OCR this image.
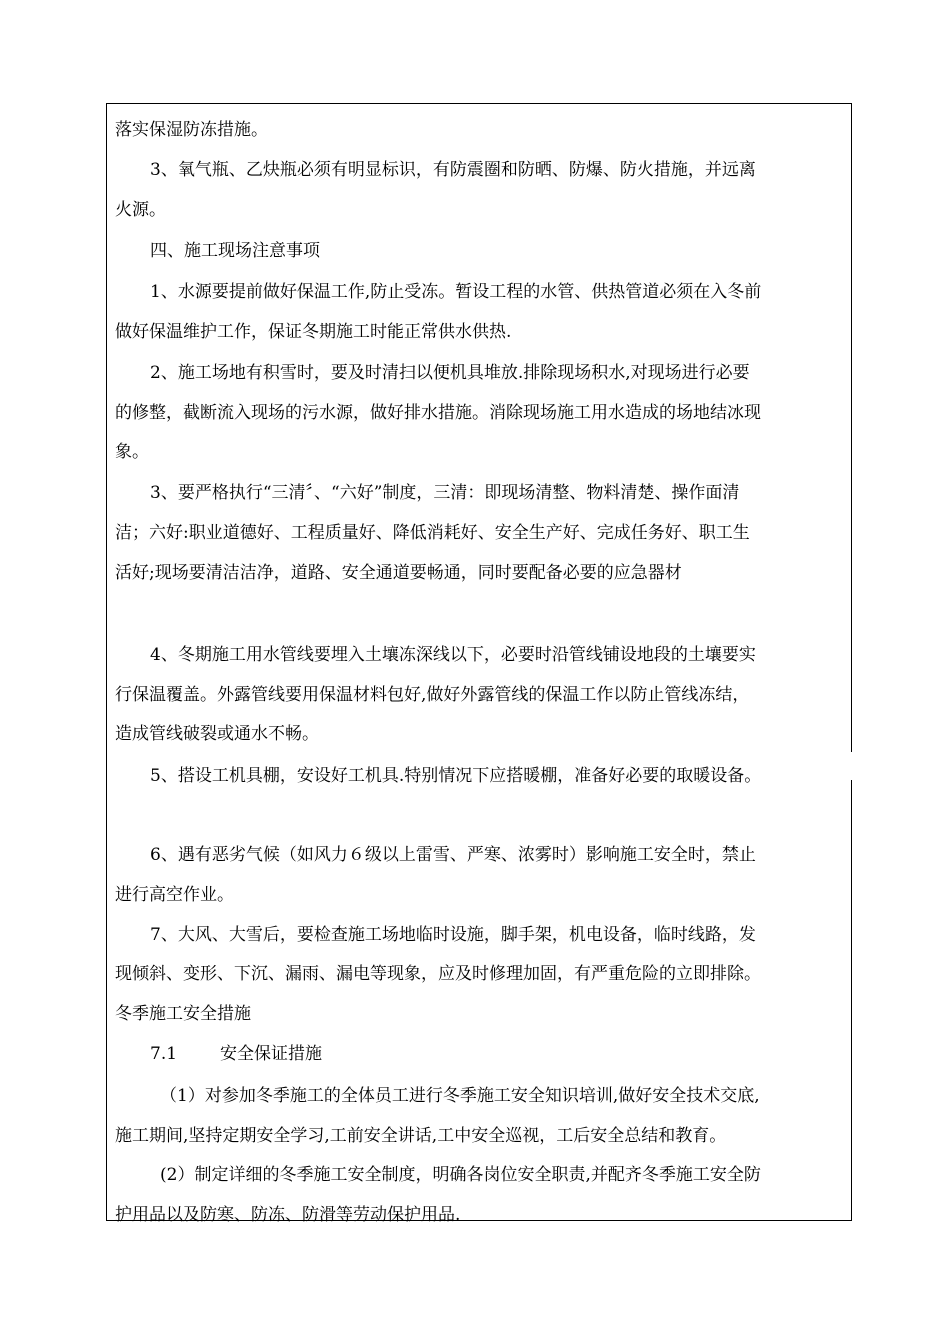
落实保湿防冻措施。
3、氧气瓶、乙炔瓶必须有明显标识，有防震圈和防晒、防爆、防火措施，并远离
火源。
四、施工现场注意事项
1、水源要提前做好保温工作,防止受冻。暂设工程的水管、供热管道必须在入冬前
做好保温维护工作，保证冬期施工时能正常供水供热.
2、施工场地有积雪时，要及时清扫以便机具堆放.排除现场积水,对现场进行必要
的修整，截断流入现场的污水源，做好排水措施。消除现场施工用水造成的场地结冰现
象。
3、要严格执行“三清〞、“六好”制度，三清：即现场清整、物料清楚、操作面清
洁；六好:职业道德好、工程质量好、降低消耗好、安全生产好、完成任务好、职工生
活好;现场要清洁洁净，道路、安全通道要畅通，同时要配备必要的应急器材
4、冬期施工用水管线要埋入土壤冻深线以下，必要时沿管线铺设地段的土壤要实
行保温覆盖。外露管线要用保温材料包好,做好外露管线的保温工作以防止管线冻结，
造成管线破裂或通水不畅。
5、搭设工机具棚，安设好工机具.特别情况下应搭暖棚，准备好必要的取暖设备。
6、遇有恶劣气候（如风力６级以上雷雪、严寒、浓雾时）影响施工安全时，禁止
进行高空作业。
7、大风、大雪后，要检查施工场地临时设施，脚手架，机电设备，临时线路，发
现倾斜、变形、下沉、漏雨、漏电等现象，应及时修理加固，有严重危险的立即排除。
冬季施工安全措施
7.1	安全保证措施
（1）对参加冬季施工的全体员工进行冬季施工安全知识培训,做好安全技术交底,
施工期间,坚持定期安全学习,工前安全讲话,工中安全巡视，工后安全总结和教育。
(2）制定详细的冬季施工安全制度，明确各岗位安全职责,并配齐冬季施工安全防
护用品以及防寒、防冻、防滑等劳动保护用品.
